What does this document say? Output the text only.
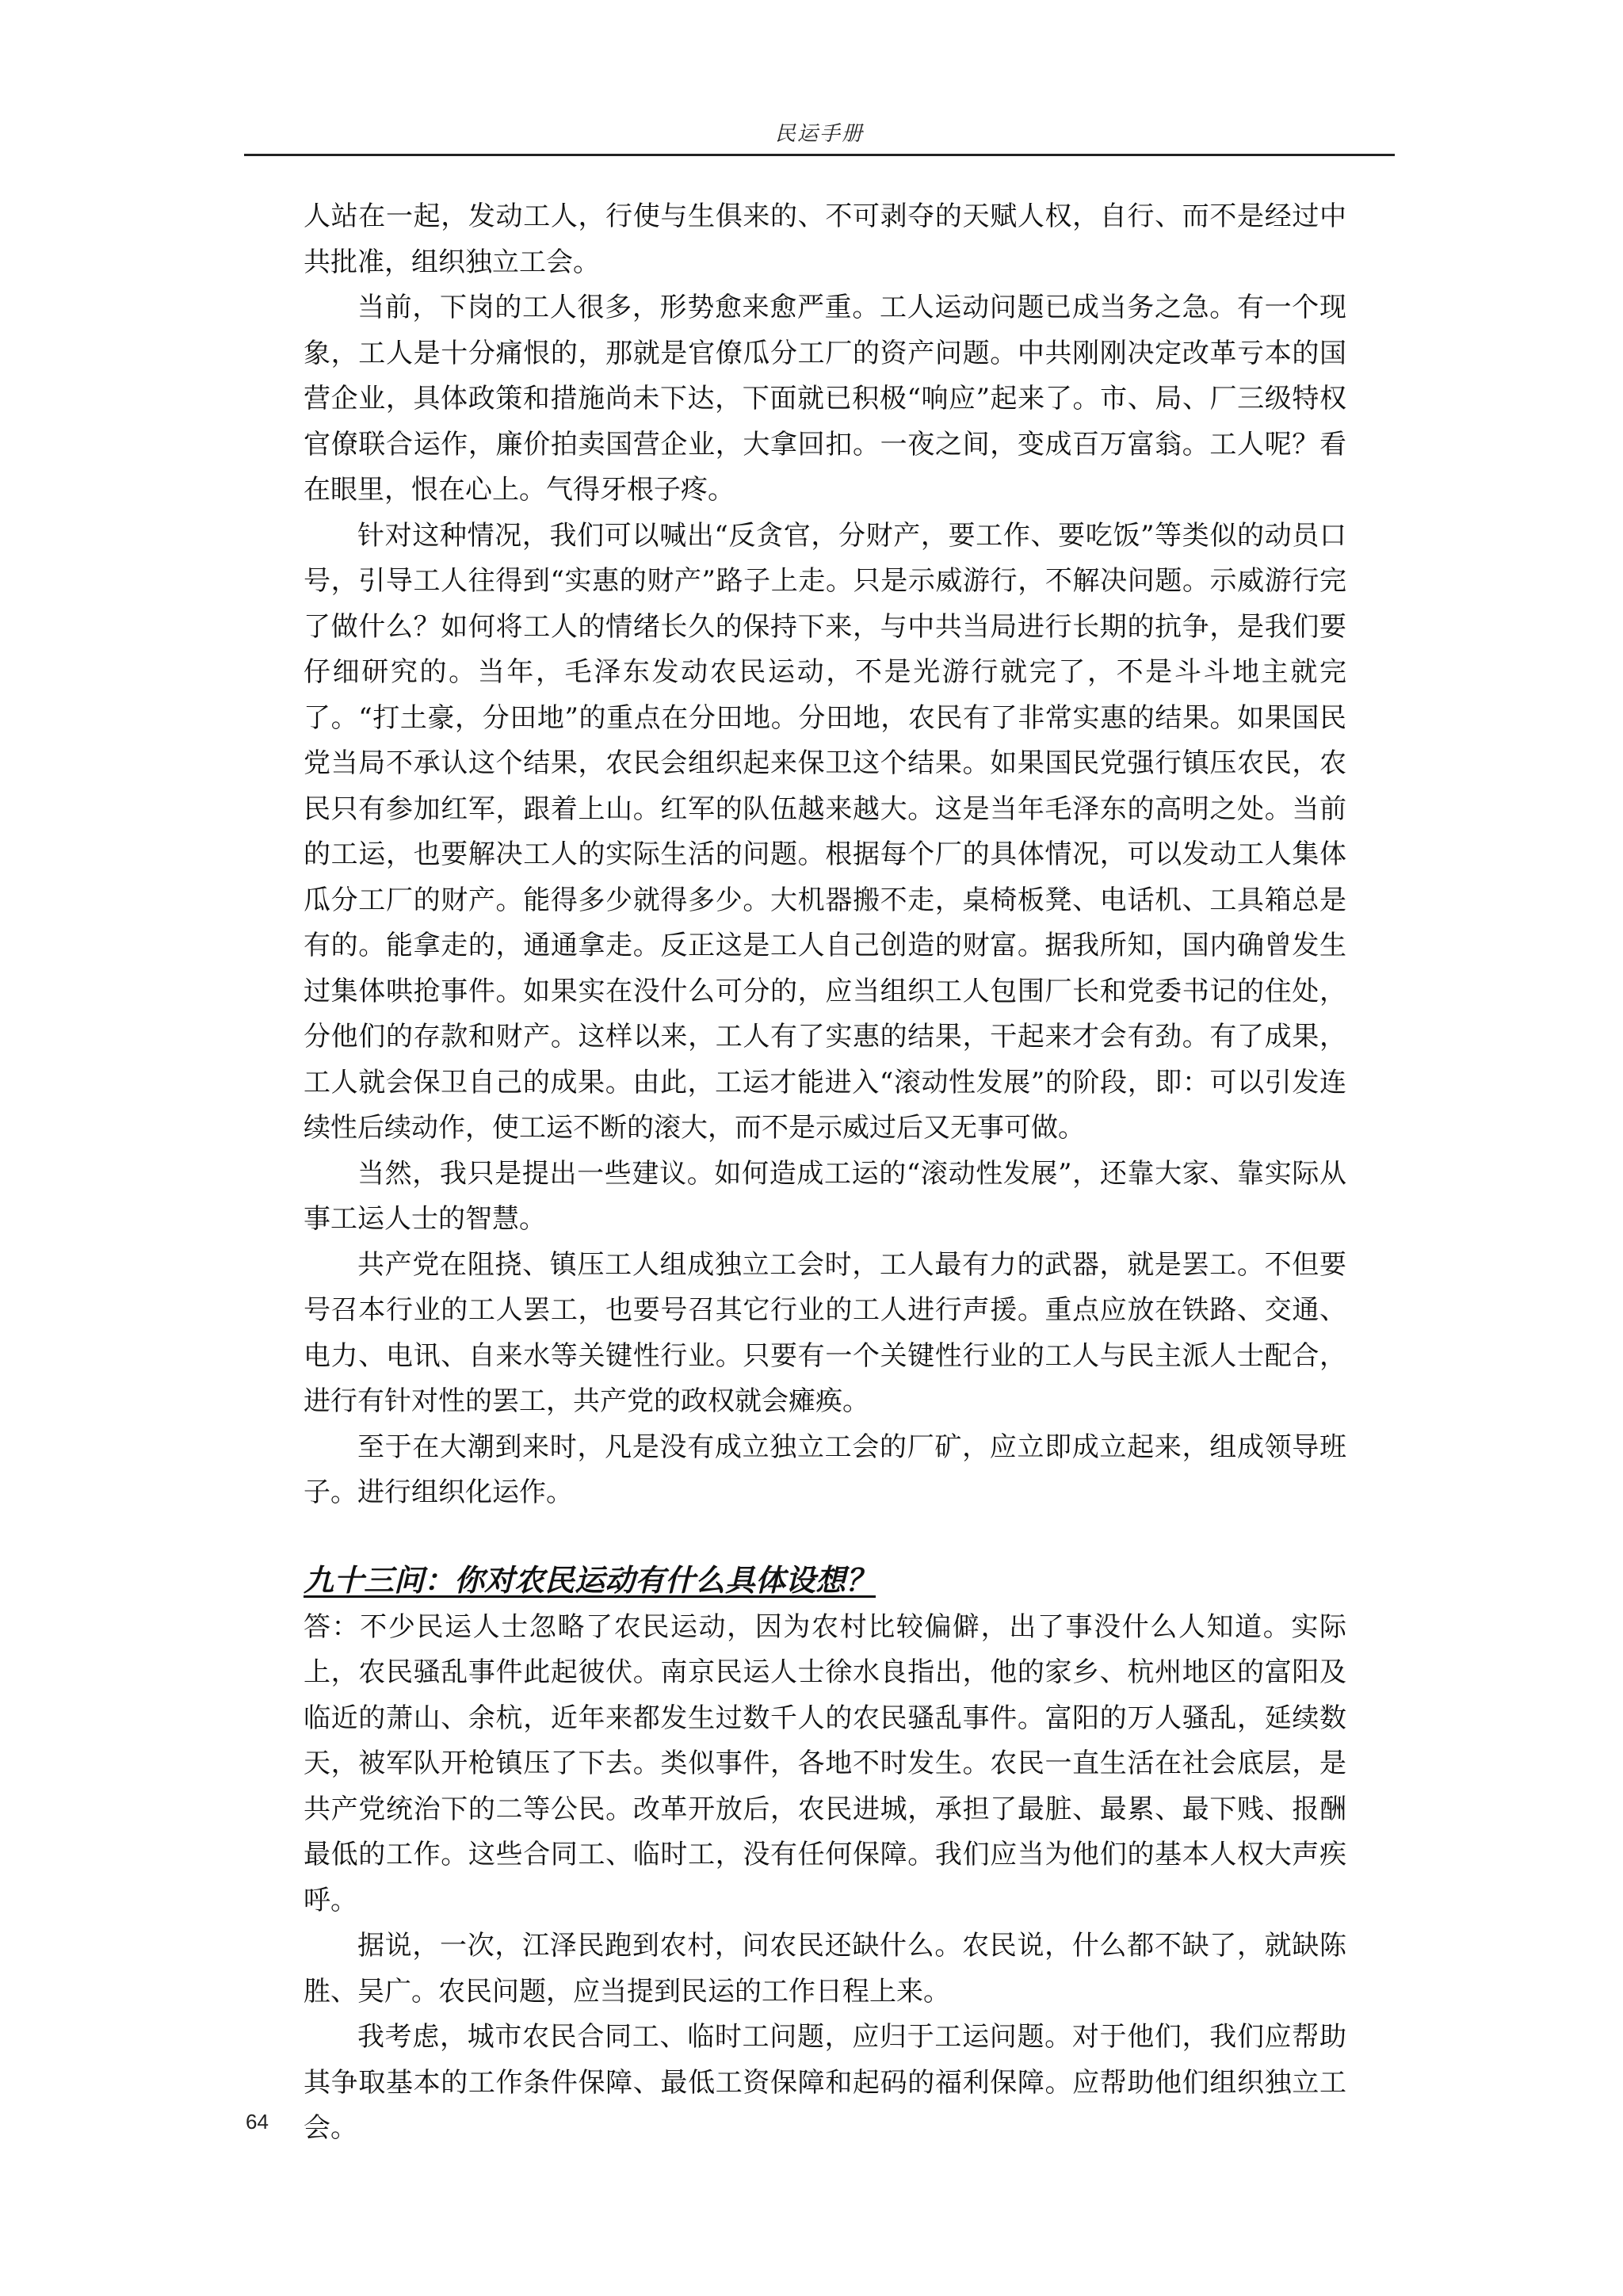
民运手册

人站在一起，发动工人，行使与生俱来的、不可剥夺的天赋人权，自行、而不是经过中共批准，组织独立工会。

当前，下岗的工人很多，形势愈来愈严重。工人运动问题已成当务之急。有一个现象，工人是十分痛恨的，那就是官僚瓜分工厂的资产问题。中共刚刚决定改革亏本的国营企业，具体政策和措施尚未下达，下面就已积极“响应”起来了。市、局、厂三级特权官僚联合运作，廉价拍卖国营企业，大拿回扣。一夜之间，变成百万富翁。工人呢？看在眼里，恨在心上。气得牙根子疼。

针对这种情况，我们可以喊出“反贪官，分财产，要工作、要吃饭”等类似的动员口号，引导工人往得到“实惠的财产”路子上走。只是示威游行，不解决问题。示威游行完了做什么？如何将工人的情绪长久的保持下来，与中共当局进行长期的抗争，是我们要仔细研究的。当年，毛泽东发动农民运动，不是光游行就完了，不是斗斗地主就完了。“打土豪，分田地”的重点在分田地。分田地，农民有了非常实惠的结果。如果国民党当局不承认这个结果，农民会组织起来保卫这个结果。如果国民党强行镇压农民，农民只有参加红军，跟着上山。红军的队伍越来越大。这是当年毛泽东的高明之处。当前的工运，也要解决工人的实际生活的问题。根据每个厂的具体情况，可以发动工人集体瓜分工厂的财产。能得多少就得多少。大机器搬不走，桌椅板凳、电话机、工具箱总是有的。能拿走的，通通拿走。反正这是工人自己创造的财富。据我所知，国内确曾发生过集体哄抢事件。如果实在没什么可分的，应当组织工人包围厂长和党委书记的住处，分他们的存款和财产。这样以来，工人有了实惠的结果，干起来才会有劲。有了成果，工人就会保卫自己的成果。由此，工运才能进入“滚动性发展”的阶段，即：可以引发连续性后续动作，使工运不断的滚大，而不是示威过后又无事可做。

当然，我只是提出一些建议。如何造成工运的“滚动性发展”，还靠大家、靠实际从事工运人士的智慧。

共产党在阻挠、镇压工人组成独立工会时，工人最有力的武器，就是罢工。不但要号召本行业的工人罢工，也要号召其它行业的工人进行声援。重点应放在铁路、交通、电力、电讯、自来水等关键性行业。只要有一个关键性行业的工人与民主派人士配合，进行有针对性的罢工，共产党的政权就会瘫痪。

至于在大潮到来时，凡是没有成立独立工会的厂矿，应立即成立起来，组成领导班子。进行组织化运作。

九十三问：你对农民运动有什么具体设想？

答：不少民运人士忽略了农民运动，因为农村比较偏僻，出了事没什么人知道。实际上，农民骚乱事件此起彼伏。南京民运人士徐水良指出，他的家乡、杭州地区的富阳及临近的萧山、余杭，近年来都发生过数千人的农民骚乱事件。富阳的万人骚乱，延续数天，被军队开枪镇压了下去。类似事件，各地不时发生。农民一直生活在社会底层，是共产党统治下的二等公民。改革开放后，农民进城，承担了最脏、最累、最下贱、报酬最低的工作。这些合同工、临时工，没有任何保障。我们应当为他们的基本人权大声疾呼。

据说，一次，江泽民跑到农村，问农民还缺什么。农民说，什么都不缺了，就缺陈胜、吴广。农民问题，应当提到民运的工作日程上来。

我考虑，城市农民合同工、临时工问题，应归于工运问题。对于他们，我们应帮助其争取基本的工作条件保障、最低工资保障和起码的福利保障。应帮助他们组织独立工会。

64
